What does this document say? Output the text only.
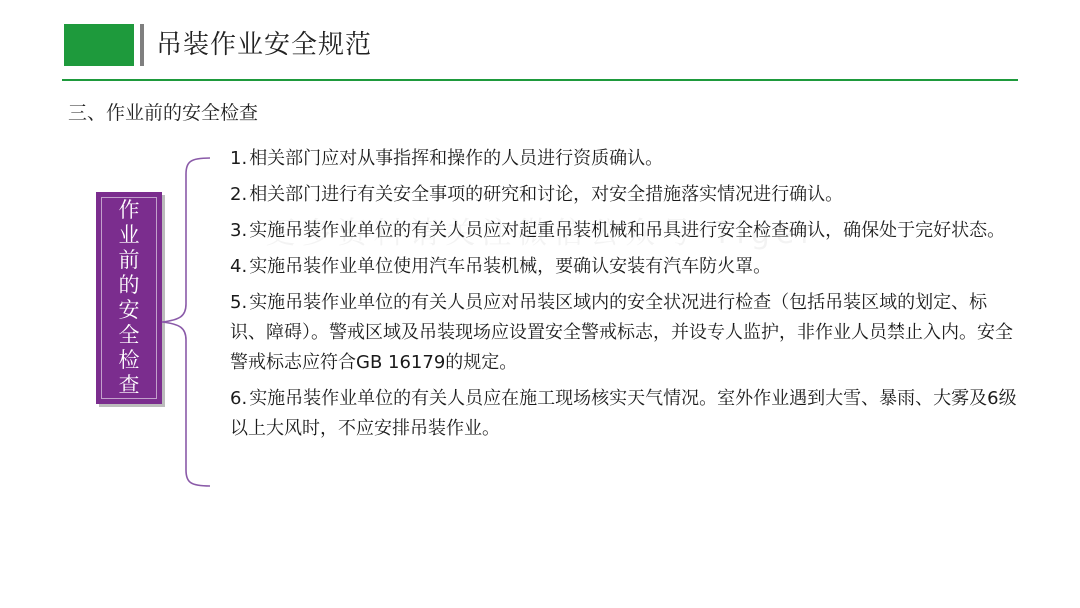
吊装作业安全规范
三、作业前的安全检查
作
业
前
的
安
全
检
查
1. 相关部门应对从事指挥和操作的人员进行资质确认。
2. 相关部门进行有关安全事项的研究和讨论，对安全措施落实情况进行确认。
3. 实施吊装作业单位的有关人员应对起重吊装机械和吊具进行安全检查确认，确保处于完好状态。
4. 实施吊装作业单位使用汽车吊装机械，要确认安装有汽车防火罩。
5. 实施吊装作业单位的有关人员应对吊装区域内的安全状况进行检查（包括吊装区域的划定、标识、障碍）。警戒区域及吊装现场应设置安全警戒标志，并设专人监护，非作业人员禁止入内。安全警戒标志应符合GB 16179的规定。
6. 实施吊装作业单位的有关人员应在施工现场核实天气情况。室外作业遇到大雪、暴雨、大雾及6级以上大风时，不应安排吊装作业。
